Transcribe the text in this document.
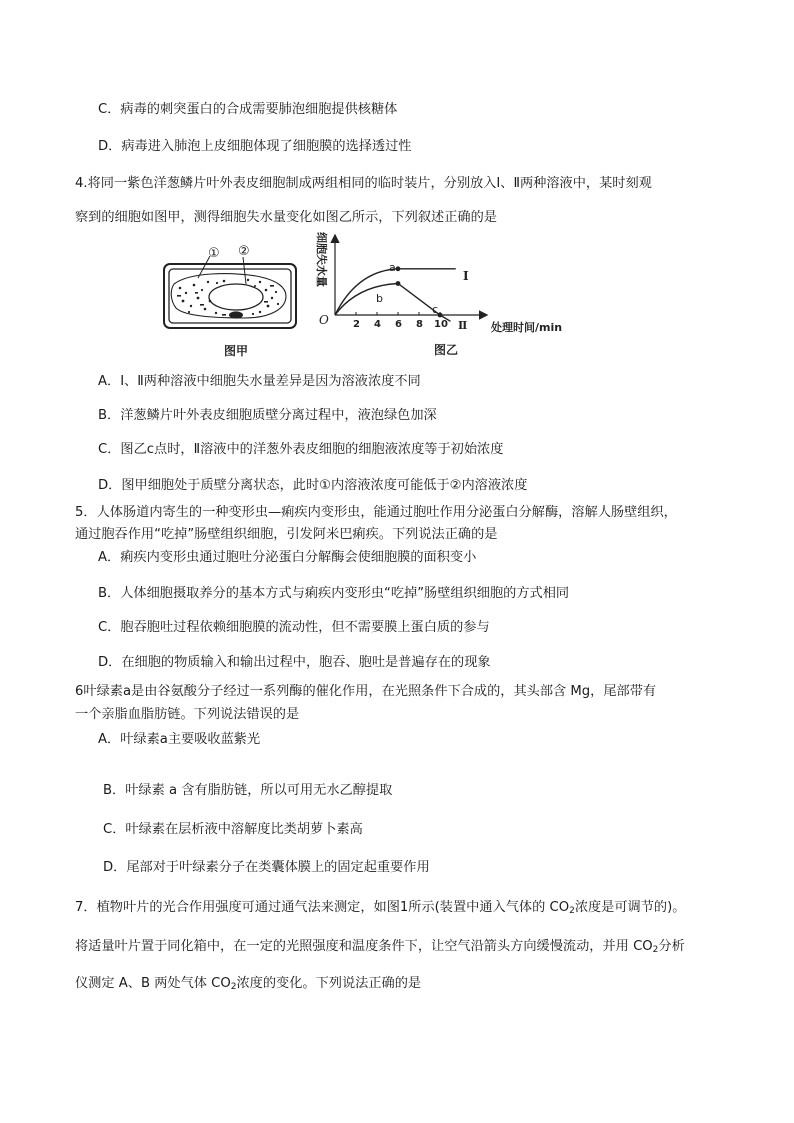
C．病毒的刺突蛋白的合成需要肺泡细胞提供核糖体
D．病毒进入肺泡上皮细胞体现了细胞膜的选择透过性
4.将同一紫色洋葱鳞片叶外表皮细胞制成两组相同的临时装片，分别放入Ⅰ、Ⅱ两种溶液中，某时刻观
察到的细胞如图甲，测得细胞失水量变化如图乙所示，下列叙述正确的是
① ②
图甲
细胞失水量
O
处理时间/min
2 4 6 8 10
Ⅰ
Ⅱ
a
b
c
图乙
A．Ⅰ、Ⅱ两种溶液中细胞失水量差异是因为溶液浓度不同
B．洋葱鳞片叶外表皮细胞质壁分离过程中，液泡绿色加深
C．图乙c点时，Ⅱ溶液中的洋葱外表皮细胞的细胞液浓度等于初始浓度
D．图甲细胞处于质壁分离状态，此时①内溶液浓度可能低于②内溶液浓度
5．人体肠道内寄生的一种变形虫—痢疾内变形虫，能通过胞吐作用分泌蛋白分解酶，溶解人肠壁组织，
通过胞吞作用“吃掉”肠壁组织细胞，引发阿米巴痢疾。下列说法正确的是
A．痢疾内变形虫通过胞吐分泌蛋白分解酶会使细胞膜的面积变小
B．人体细胞摄取养分的基本方式与痢疾内变形虫“吃掉”肠壁组织细胞的方式相同
C．胞吞胞吐过程依赖细胞膜的流动性，但不需要膜上蛋白质的参与
D．在细胞的物质输入和输出过程中，胞吞、胞吐是普遍存在的现象
6叶绿素a是由谷氨酸分子经过一系列酶的催化作用，在光照条件下合成的，其头部含 Mg，尾部带有
一个亲脂血脂肪链。下列说法错误的是
A．叶绿素a主要吸收蓝紫光
B．叶绿素 a 含有脂肪链，所以可用无水乙醇提取
C．叶绿素在层析液中溶解度比类胡萝卜素高
D．尾部对于叶绿素分子在类囊体膜上的固定起重要作用
7．植物叶片的光合作用强度可通过通气法来测定，如图1所示(装置中通入气体的 $CO_2$浓度是可调节的)。
将适量叶片置于同化箱中，在一定的光照强度和温度条件下，让空气沿箭头方向缓慢流动，并用 $CO_2$分析
仪测定 A、B 两处气体 $CO_2$浓度的变化。下列说法正确的是
